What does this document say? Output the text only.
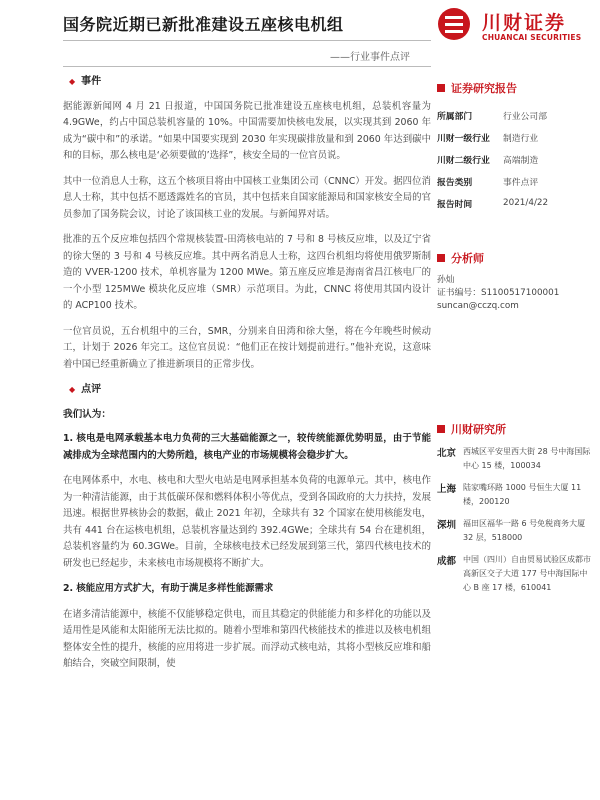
国务院近期已新批准建设五座核电机组
——行业事件点评
川财证券
CHUANCAI SECURITIES
◆ 事件

据能源新闻网 4 月 21 日报道，中国国务院已批准建设五座核电机组，总装机容量为 4.9GWe，约占中国总装机容量的 10%。中国需要加快核电发展，以实现其到 2060 年成为“碳中和”的承诺。“如果中国要实现到 2030 年实现碳排放量和到 2060 年达到碳中和的目标，那么核电是‘必须要做的’选择”，核安全局的一位官员说。

其中一位消息人士称，这五个核项目将由中国核工业集团公司（CNNC）开发。据四位消息人士称，其中包括不愿透露姓名的官员，其中包括来自国家能源局和国家核安全局的官员参加了国务院会议，讨论了该国核工业的发展。与新闻界对话。

批准的五个反应堆包括四个常规核装置-田湾核电站的 7 号和 8 号核反应堆，以及辽宁省的徐大堡的 3 号和 4 号核反应堆。其中两名消息人士称，这四台机组均将使用俄罗斯制造的 VVER-1200 技术，单机容量为 1200 MWe。第五座反应堆是海南省昌江核电厂的一个小型 125MWe 模块化反应堆（SMR）示范项目。为此，CNNC 将使用其国内设计的 ACP100 技术。

一位官员说，五台机组中的三台，SMR，分别来自田湾和徐大堡，将在今年晚些时候动工，计划于 2026 年完工。这位官员说：“他们正在按计划提前进行。”他补充说，这意味着中国已经重新确立了推进新项目的正常步伐。

◆ 点评
我们认为：

1. 核电是电网承载基本电力负荷的三大基础能源之一，较传统能源优势明显，由于节能减排成为全球范围内的大势所趋，核电产业的市场规模将会稳步扩大。

在电网体系中，水电、核电和大型火电站是电网承担基本负荷的电源单元。其中，核电作为一种清洁能源，由于其低碳环保和燃料体积小等优点，受到各国政府的大力扶持，发展迅速。根据世界核协会的数据，截止 2021 年初，全球共有 32 个国家在使用核能发电，共有 441 台在运核电机组，总装机容量达到约 392.4GWe；全球共有 54 台在建机组，总装机容量约为 60.3GWe。目前，全球核电技术已经发展到第三代，第四代核电技术的研发也已经起步，未来核电市场规模将不断扩大。

2. 核能应用方式扩大，有助于满足多样性能源需求

在诸多清洁能源中，核能不仅能够稳定供电，而且其稳定的供能能力和多样化的功能以及适用性是风能和太阳能所无法比拟的。随着小型堆和第四代核能技术的推进以及核电机组整体安全性的提升，核能的应用将进一步扩展。而浮动式核电站，其将小型核反应堆和船舶结合，突破空间限制，使

证券研究报告
所属部门	行业公司部
川财一级行业	制造行业
川财二级行业	高端制造
报告类别	事件点评
报告时间	2021/4/22
分析师
孙灿
证书编号：S1100517100001
suncan@cczq.com
川财研究所
北京 西城区平安里西大街 28 号中海国际中心 15 楼，100034
上海 陆家嘴环路 1000 号恒生大厦 11 楼，200120
深圳 福田区福华一路 6 号免税商务大厦 32 层，518000
成都 中国（四川）自由贸易试验区成都市高新区交子大道 177 号中海国际中心 B 座 17 楼，610041
